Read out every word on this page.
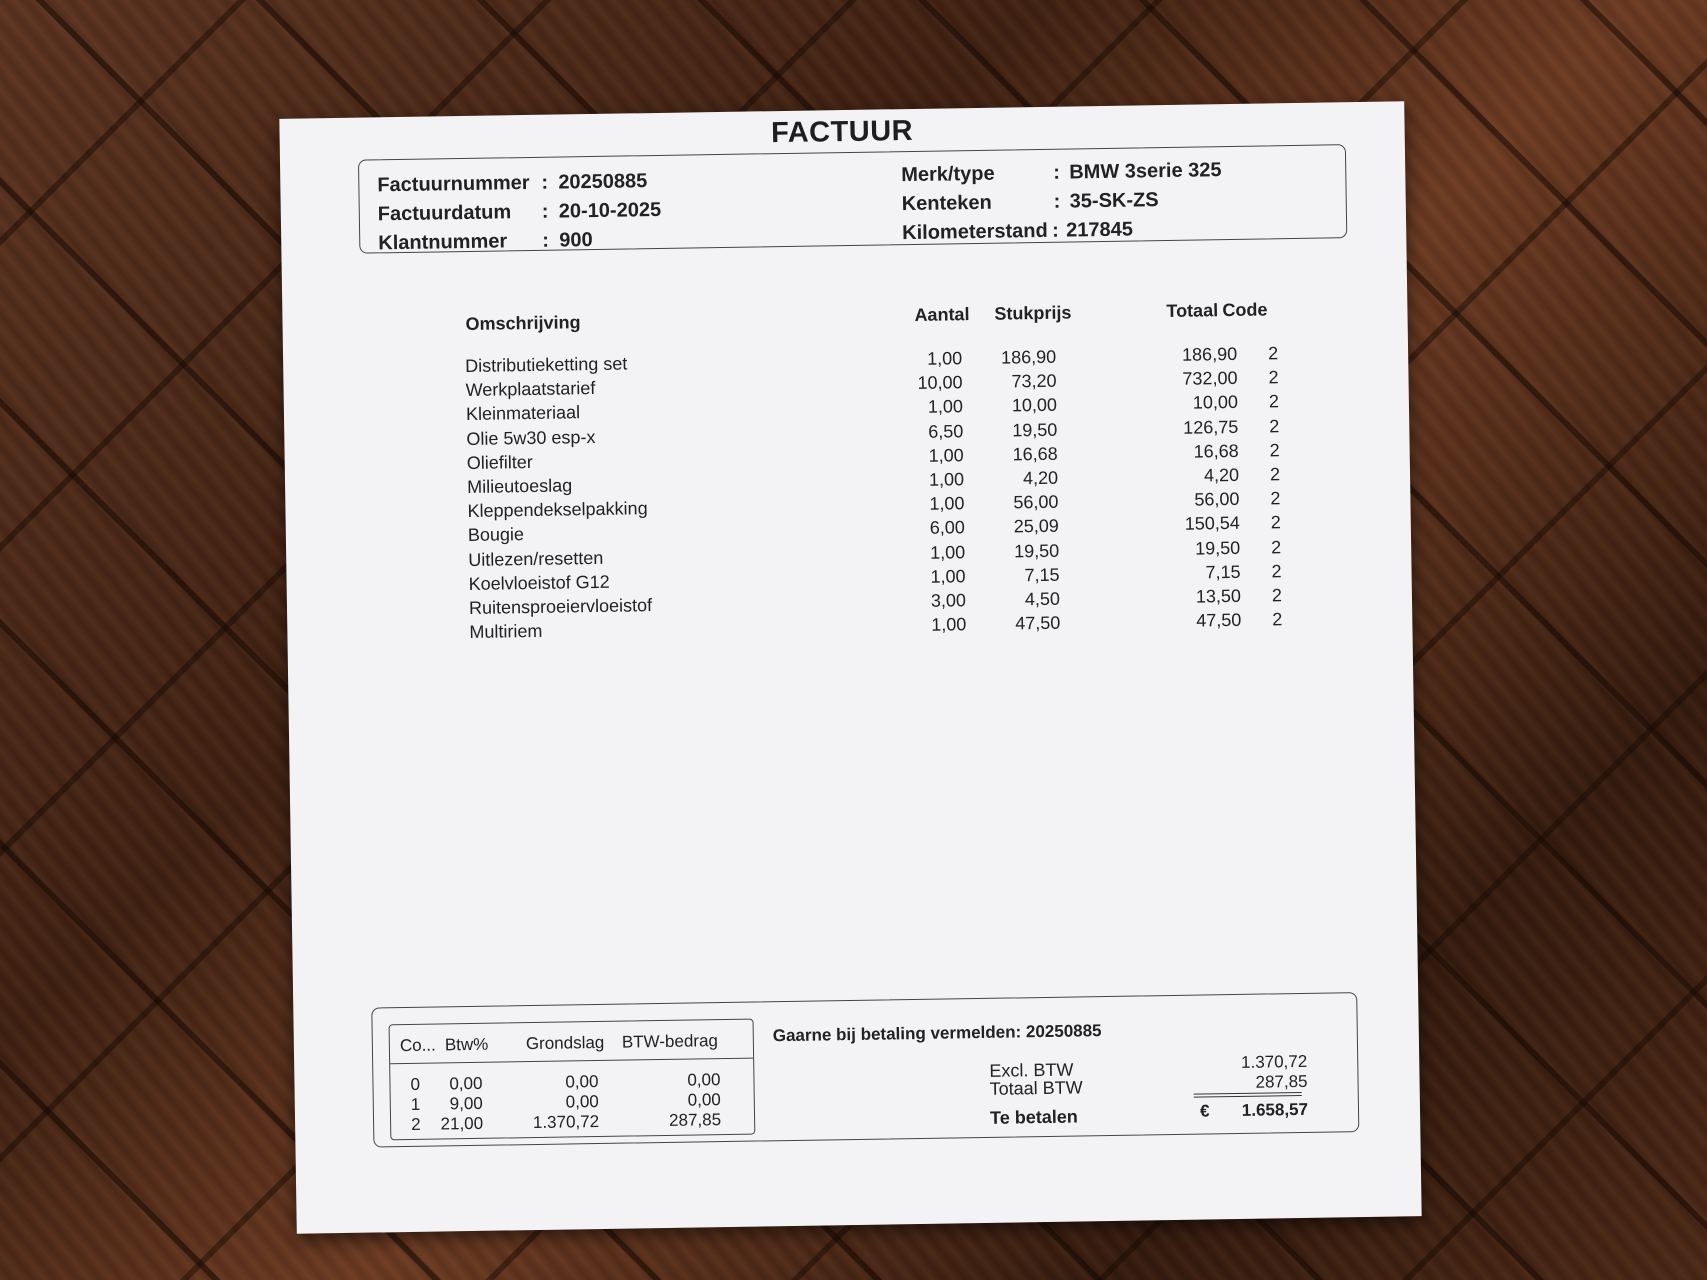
FACTUUR
Factuurnummer : 20250885
Factuurdatum : 20-10-2025
Klantnummer : 900
Merk/type	: BMW 3serie 325
Kenteken	: 35-SK-ZS
Kilometerstand : 217845
Omschrijving	Aantal Stukprijs	Totaal Code
Distributieketting set	1,00 186,90	186,90 2
Werkplaatstarief	10,00	73,20	732,00 2
Kleinmateriaal	1,00	10,00	10,00 2
Olie 5w30 esp-x	6,50	19,50	126,75 2
Oliefilter	1,00	16,68	16,68 2
Milieutoeslag	1,00	4,20	4,20 2
Kleppendekselpakking	1,00	56,00	56,00 2
Bougie	6,00	25,09	150,54 2
Uitlezen/resetten	1,00	19,50	19,50 2
Koelvloeistof G12	1,00	7,15	7,15 2
Ruitensproeiervloeistof	3,00	4,50	13,50 2
Multiriem	1,00	47,50	47,50 2
Co... Btw% Grondslag BTW-bedrag
0 0,00	0,00	0,00
1 9,00	0,00	0,00
2 21,00	1.370,72	287,85
Gaarne bij betaling vermelden: 20250885
Excl. BTW	1.370,72
Totaal BTW	287,85
Te betalen	€ 1.658,57
